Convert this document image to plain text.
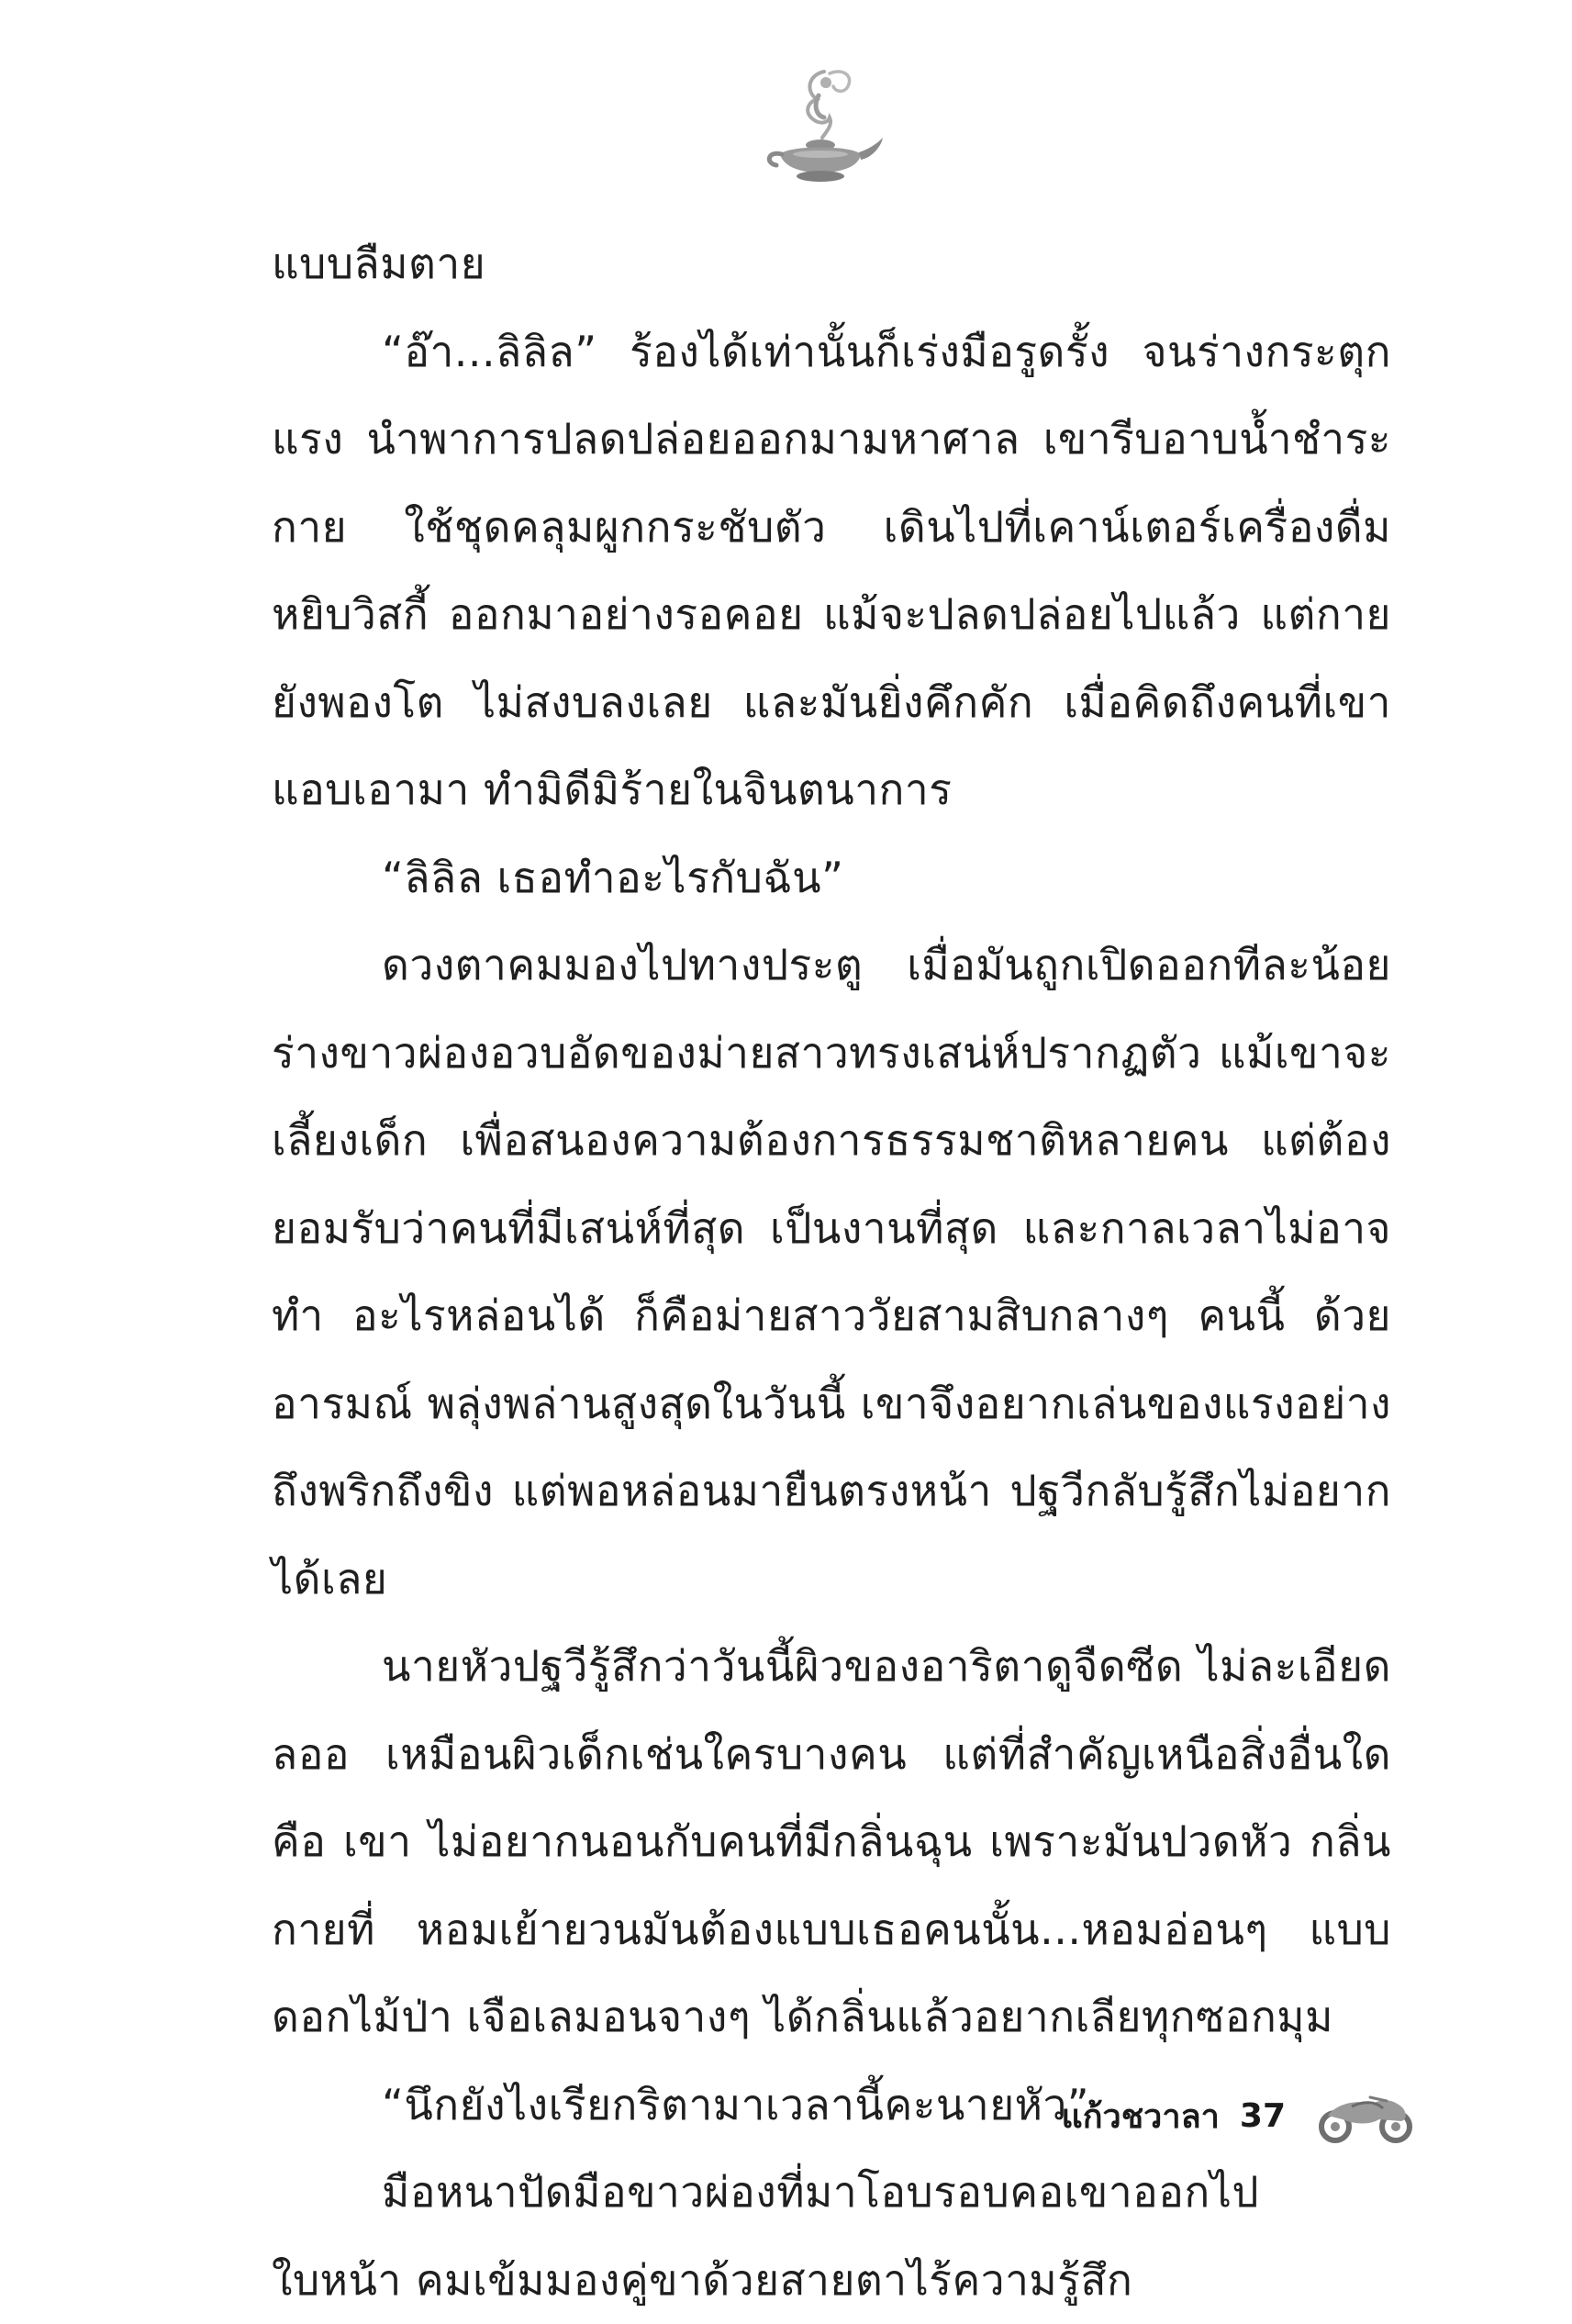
แบบลืมตาย

“อ๊า...ลิลิล” ร้องได้เท่านั้นก็เร่งมือรูดรั้ง จนร่างกระตุกแรง นำพาการปลดปล่อยออกมามหาศาล เขารีบอาบน้ำชำระกาย ใช้ชุดคลุมผูกกระชับตัว เดินไปที่เคาน์เตอร์เครื่องดื่ม หยิบวิสกี้ ออกมาอย่างรอคอย แม้จะปลดปล่อยไปแล้ว แต่กายยังพองโต ไม่สงบลงเลย และมันยิ่งคึกคัก เมื่อคิดถึงคนที่เขาแอบเอามา ทำมิดีมิร้ายในจินตนาการ

“ลิลิล เธอทำอะไรกับฉัน”

ดวงตาคมมองไปทางประตู เมื่อมันถูกเปิดออกทีละน้อย ร่างขาวผ่องอวบอัดของม่ายสาวทรงเสน่ห์ปรากฏตัว แม้เขาจะ เลี้ยงเด็ก เพื่อสนองความต้องการธรรมชาติหลายคน แต่ต้อง ยอมรับว่าคนที่มีเสน่ห์ที่สุด เป็นงานที่สุด และกาลเวลาไม่อาจทำ อะไรหล่อนได้ ก็คือม่ายสาววัยสามสิบกลางๆ คนนี้ ด้วยอารมณ์ พลุ่งพล่านสูงสุดในวันนี้ เขาจึงอยากเล่นของแรงอย่างถึงพริกถึงขิง แต่พอหล่อนมายืนตรงหน้า ปฐวีกลับรู้สึกไม่อยากได้เลย

นายหัวปฐวีรู้สึกว่าวันนี้ผิวของอาริตาดูจืดซีด ไม่ละเอียดลออ เหมือนผิวเด็กเช่นใครบางคน แต่ที่สำคัญเหนือสิ่งอื่นใดคือ เขา ไม่อยากนอนกับคนที่มีกลิ่นฉุน เพราะมันปวดหัว กลิ่นกายที่ หอมเย้ายวนมันต้องแบบเธอคนนั้น...หอมอ่อนๆ แบบดอกไม้ป่า เจือเลมอนจางๆ ได้กลิ่นแล้วอยากเลียทุกซอกมุม

“นึกยังไงเรียกริตามาเวลานี้คะนายหัว”

มือหนาปัดมือขาวผ่องที่มาโอบรอบคอเขาออกไป ใบหน้า คมเข้มมองคู่ขาด้วยสายตาไร้ความรู้สึก

แก้วชวาลา 37
